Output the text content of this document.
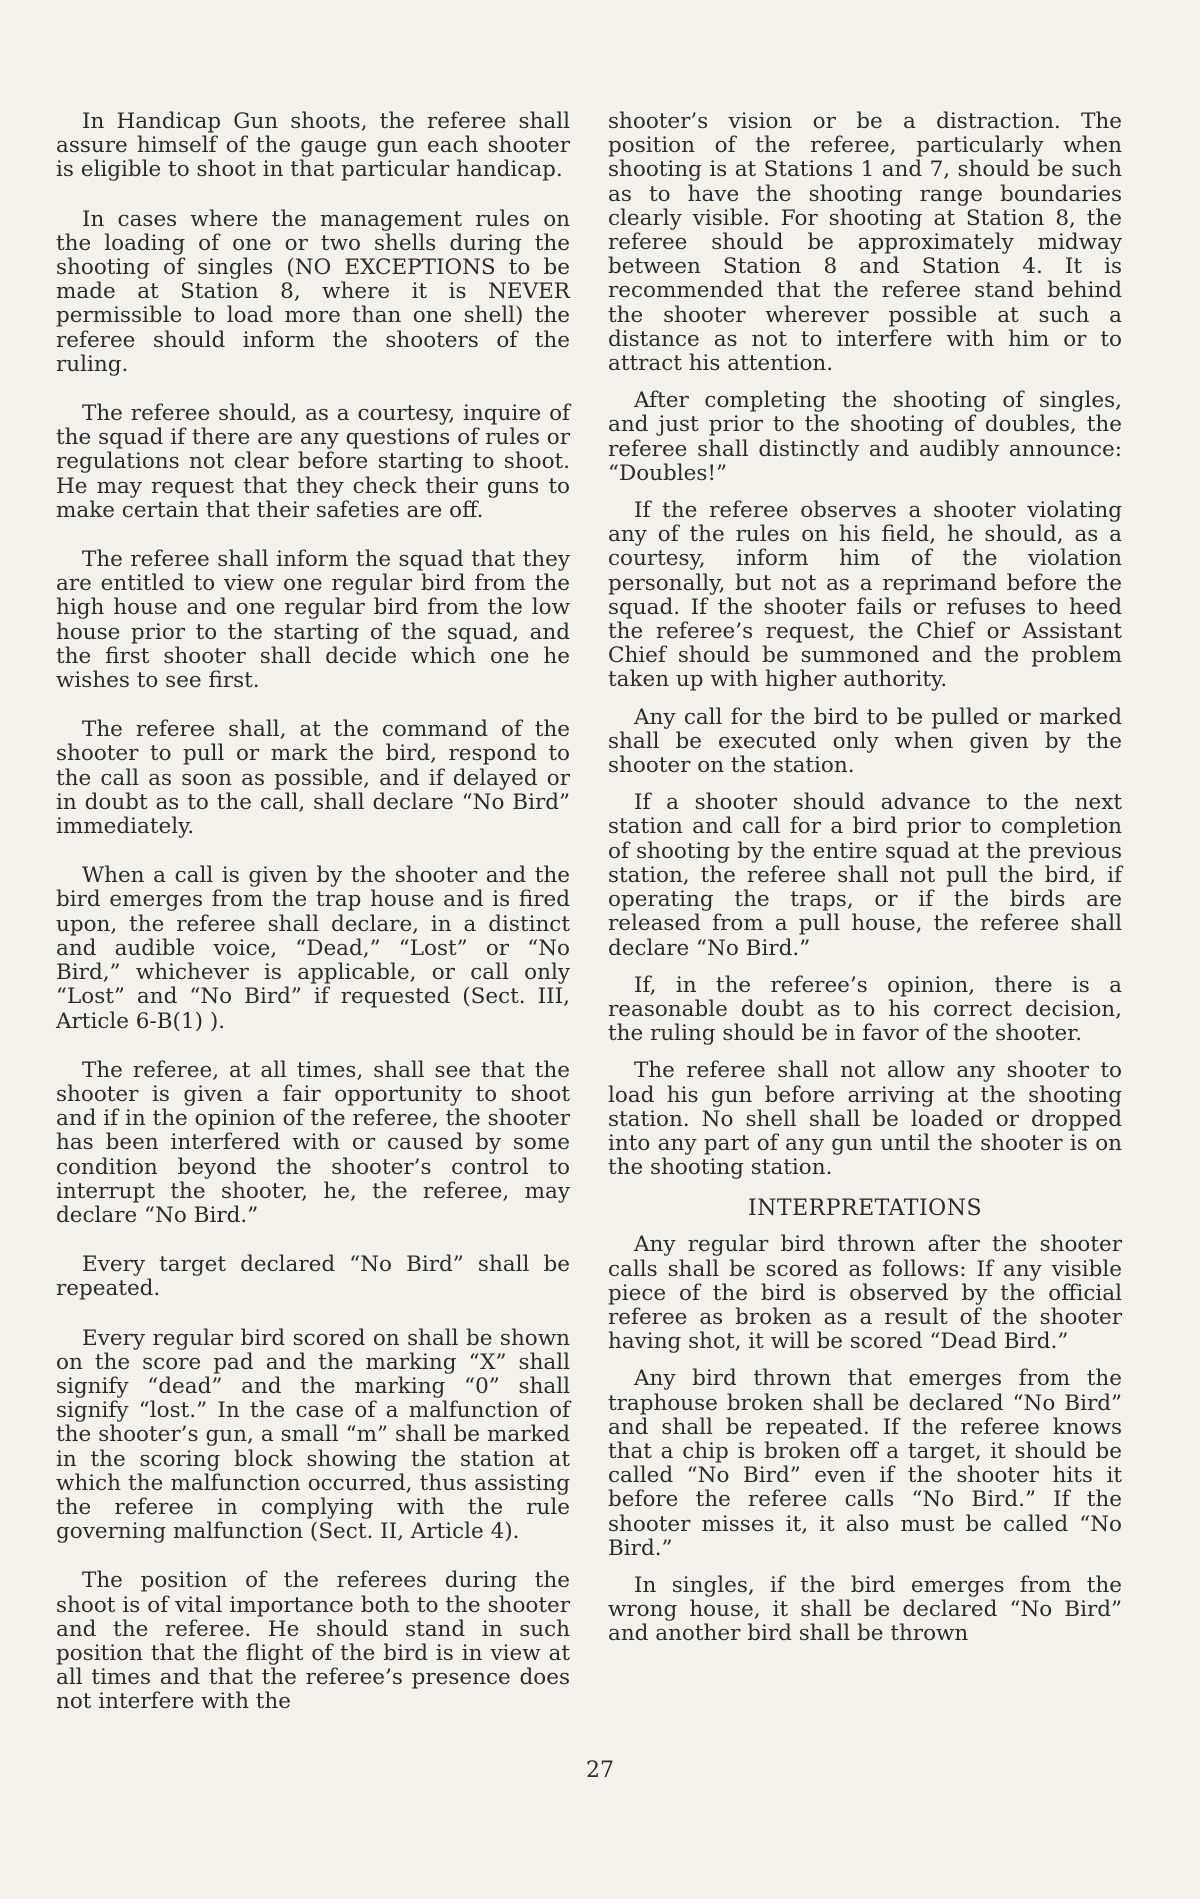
In Handicap Gun shoots, the referee shall assure himself of the gauge gun each shooter is eligible to shoot in that particular handicap.

In cases where the management rules on the loading of one or two shells during the shooting of singles (NO EXCEPTIONS to be made at Station 8, where it is NEVER permissible to load more than one shell) the referee should inform the shooters of the ruling.

The referee should, as a courtesy, inquire of the squad if there are any questions of rules or regulations not clear before starting to shoot. He may request that they check their guns to make certain that their safeties are off.

The referee shall inform the squad that they are entitled to view one regular bird from the high house and one regular bird from the low house prior to the starting of the squad, and the first shooter shall decide which one he wishes to see first.

The referee shall, at the command of the shooter to pull or mark the bird, respond to the call as soon as possible, and if delayed or in doubt as to the call, shall declare “No Bird” immediately.

When a call is given by the shooter and the bird emerges from the trap house and is fired upon, the referee shall declare, in a distinct and audible voice, “Dead,” “Lost” or “No Bird,” whichever is applicable, or call only “Lost” and “No Bird” if requested (Sect. III, Article 6-B(1) ).

The referee, at all times, shall see that the shooter is given a fair opportunity to shoot and if in the opinion of the referee, the shooter has been interfered with or caused by some condition beyond the shooter’s control to interrupt the shooter, he, the referee, may declare “No Bird.”

Every target declared “No Bird” shall be repeated.

Every regular bird scored on shall be shown on the score pad and the marking “X” shall signify “dead” and the marking “0” shall signify “lost.” In the case of a malfunction of the shooter’s gun, a small “m” shall be marked in the scoring block showing the station at which the malfunction occurred, thus assisting the referee in complying with the rule governing malfunction (Sect. II, Article 4).

The position of the referees during the shoot is of vital importance both to the shooter and the referee. He should stand in such position that the flight of the bird is in view at all times and that the referee’s presence does not interfere with the

shooter’s vision or be a distraction. The position of the referee, particularly when shooting is at Stations 1 and 7, should be such as to have the shooting range boundaries clearly visible. For shooting at Station 8, the referee should be approximately midway between Station 8 and Station 4. It is recommended that the referee stand behind the shooter wherever possible at such a distance as not to interfere with him or to attract his attention.

After completing the shooting of singles, and just prior to the shooting of doubles, the referee shall distinctly and audibly announce: “Doubles!”

If the referee observes a shooter violating any of the rules on his field, he should, as a courtesy, inform him of the violation personally, but not as a reprimand before the squad. If the shooter fails or refuses to heed the referee’s request, the Chief or Assistant Chief should be summoned and the problem taken up with higher authority.

Any call for the bird to be pulled or marked shall be executed only when given by the shooter on the station.

If a shooter should advance to the next station and call for a bird prior to completion of shooting by the entire squad at the previous station, the referee shall not pull the bird, if operating the traps, or if the birds are released from a pull house, the referee shall declare “No Bird.”

If, in the referee’s opinion, there is a reasonable doubt as to his correct decision, the ruling should be in favor of the shooter.

The referee shall not allow any shooter to load his gun before arriving at the shooting station. No shell shall be loaded or dropped into any part of any gun until the shooter is on the shooting station.

INTERPRETATIONS

Any regular bird thrown after the shooter calls shall be scored as follows: If any visible piece of the bird is observed by the official referee as broken as a result of the shooter having shot, it will be scored “Dead Bird.”

Any bird thrown that emerges from the traphouse broken shall be declared “No Bird” and shall be repeated. If the referee knows that a chip is broken off a target, it should be called “No Bird” even if the shooter hits it before the referee calls “No Bird.” If the shooter misses it, it also must be called “No Bird.”

In singles, if the bird emerges from the wrong house, it shall be declared “No Bird” and another bird shall be thrown

27
